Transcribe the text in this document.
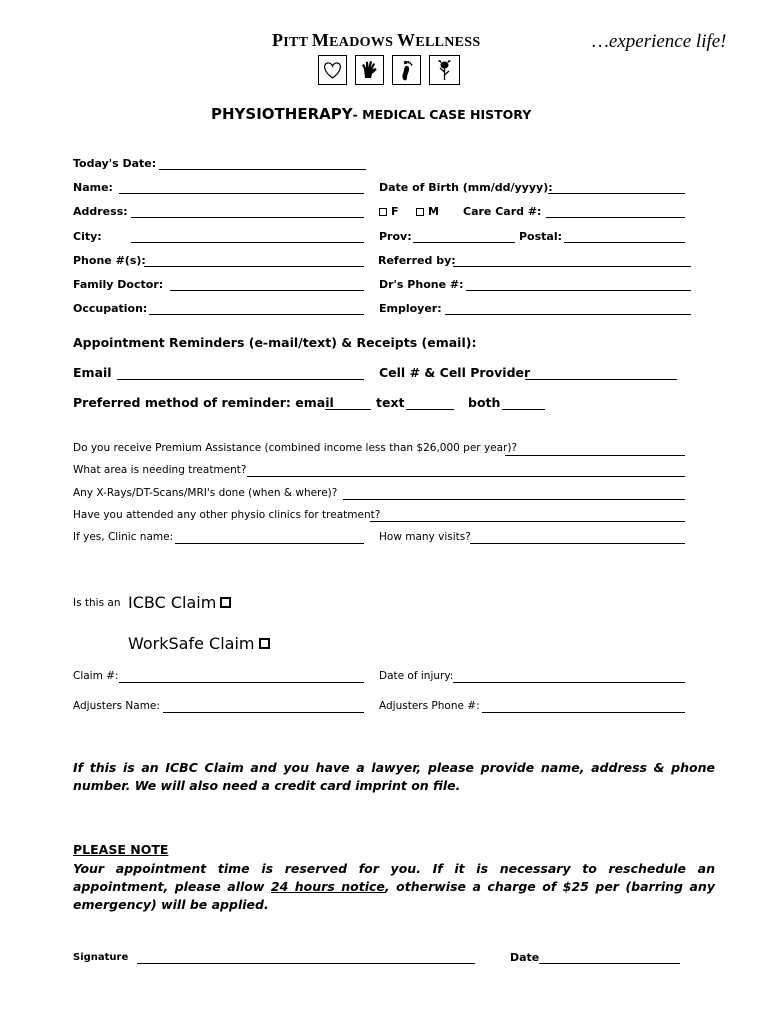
PITT MEADOWS WELLNESS	…experience life!
PHYSIOTHERAPY- MEDICAL CASE HISTORY
Today's Date:
Name:	Date of Birth (mm/dd/yyyy):
Address:	F	M Care Card #:
City:	Prov:	Postal:
Phone #(s):	Referred by:
Family Doctor:	Dr's Phone #:
Occupation:	Employer:
Appointment Reminders (e-mail/text) & Receipts (email):
Email	Cell # & Cell Provider
Preferred method of reminder: email	text	both
Do you receive Premium Assistance (combined income less than $26,000 per year)?
What area is needing treatment?
Any X-Rays/DT-Scans/MRI's done (when & where)?
Have you attended any other physio clinics for treatment?
If yes, Clinic name:	How many visits?
Is this an ICBC Claim
WorkSafe Claim
Claim #:	Date of injury:
Adjusters Name:	Adjusters Phone #:
If this is an ICBC Claim and you have a lawyer, please provide name, address & phone number. We will also need a credit card imprint on file.
PLEASE NOTE
Your appointment time is reserved for you. If it is necessary to reschedule an appointment, please allow 24 hours notice, otherwise a charge of $25 per (barring any emergency) will be applied.
Signature	Date
